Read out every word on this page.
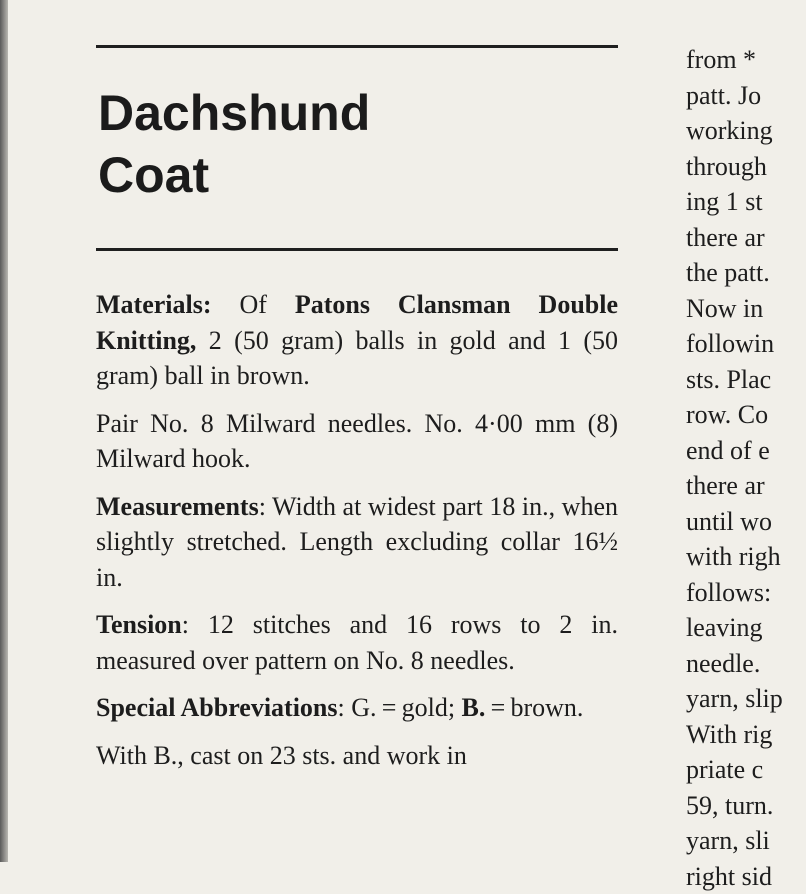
Dachshund
Coat

Materials: Of Patons Clansman Double Knitting, 2 (50 gram) balls in gold and 1 (50 gram) ball in brown.

Pair No. 8 Milward needles. No. 4·00 mm (8) Milward hook.

Measurements: Width at widest part 18 in., when slightly stretched. Length excluding collar 16½ in.

Tension: 12 stitches and 16 rows to 2 in. measured over pattern on No. 8 needles.

Special Abbreviations: G. = gold; B. = brown.

With B., cast on 23 sts. and work in

from *
patt. Jo
working
through
ing 1 st
there ar
the patt.
Now in
followin
sts. Plac
row. Co
end of e
there ar
until wo
with righ
follows:
leaving
needle.
yarn, slip
With rig
priate c
59, turn.
yarn, sli
right sid
